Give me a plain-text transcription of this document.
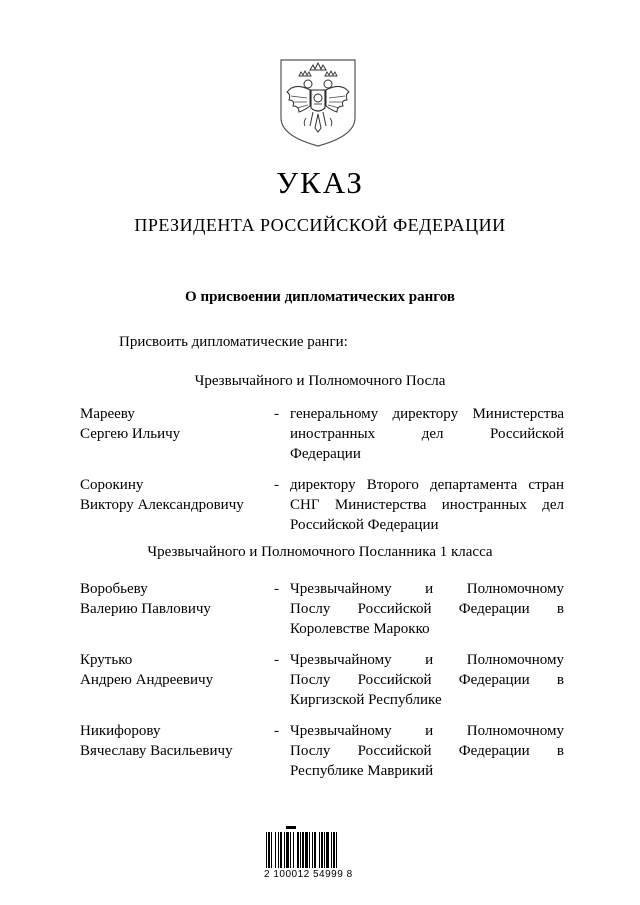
УКАЗ
ПРЕЗИДЕНТА РОССИЙСКОЙ ФЕДЕРАЦИИ
О присвоении дипломатических рангов
Присвоить дипломатические ранги:
Чрезвычайного и Полномочного Посла
Марееву
Сергею Ильичу
- генеральному директору Министерства
иностранных дел Российской
Федерации
Сорокину
Виктору Александровичу
- директору Второго департамента стран
СНГ Министерства иностранных дел
Российской Федерации
Чрезвычайного и Полномочного Посланника 1 класса
Воробьеву
Валерию Павловичу
- Чрезвычайному и Полномочному
Послу Российской Федерации в
Королевстве Марокко
Крутько
Андрею Андреевичу
- Чрезвычайному и Полномочному
Послу Российской Федерации в
Киргизской Республике
Никифорову
Вячеславу Васильевичу
- Чрезвычайному и Полномочному
Послу Российской Федерации в
Республике Маврикий
2 100012 54999 8
